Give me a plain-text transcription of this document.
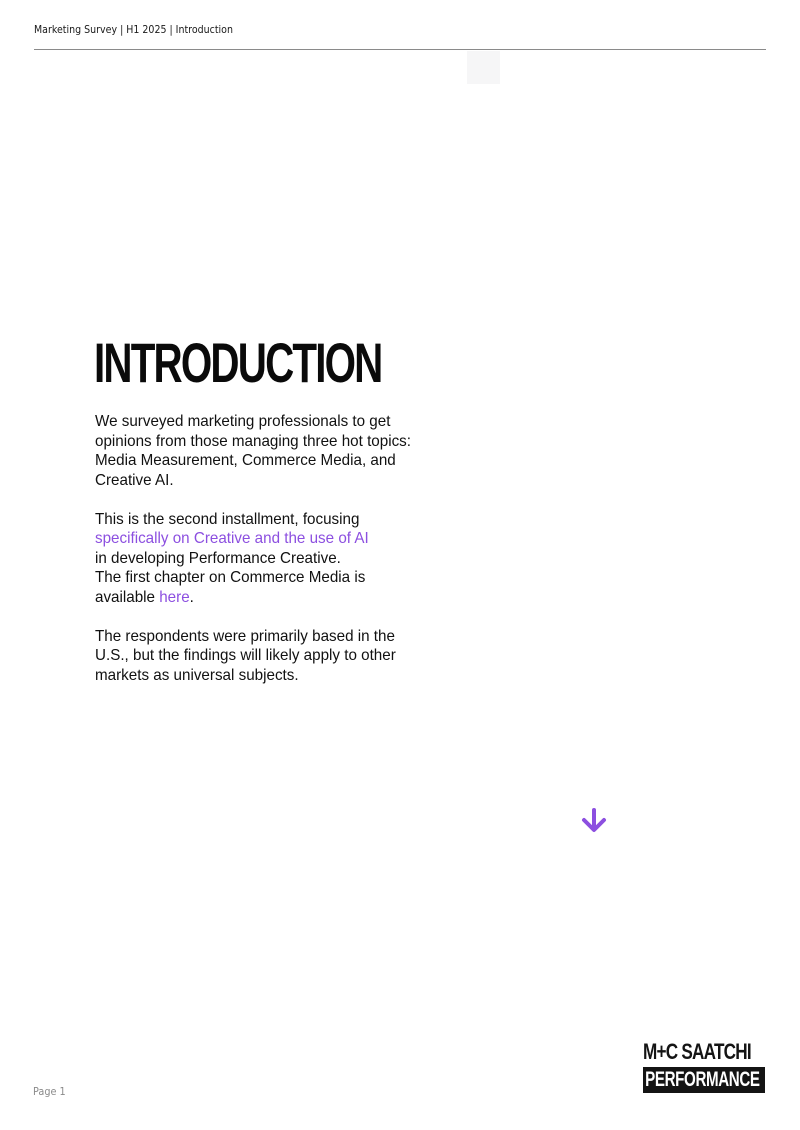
Marketing Survey | H1 2025 | Introduction
INTRODUCTION

We surveyed marketing professionals to get
opinions from those managing three hot topics:
Media Measurement, Commerce Media, and
Creative AI.

This is the second installment, focusing
specifically on Creative and the use of AI
in developing Performance Creative.
The first chapter on Commerce Media is
available here.

The respondents were primarily based in the
U.S., but the findings will likely apply to other
markets as universal subjects.

Page 1
M+C SAATCHI
PERFORMANCE
